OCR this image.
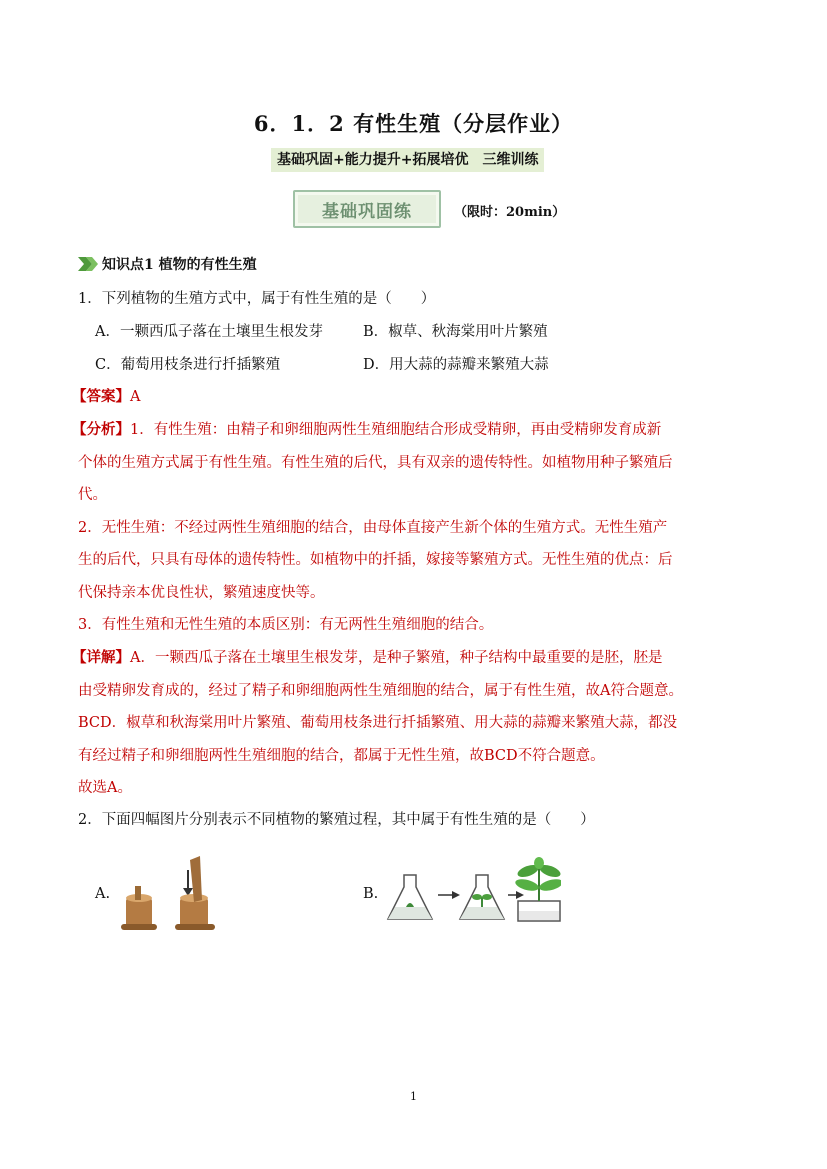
6．1．2 有性生殖（分层作业）
基础巩固+能力提升+拓展培优　三维训练
基础巩固练	（限时：20min）
知识点1 植物的有性生殖
1．下列植物的生殖方式中，属于有性生殖的是（　　）
A．一颗西瓜子落在土壤里生根发芽	B．椒草、秋海棠用叶片繁殖
C．葡萄用枝条进行扦插繁殖	D．用大蒜的蒜瓣来繁殖大蒜
【答案】A
【分析】1．有性生殖：由精子和卵细胞两性生殖细胞结合形成受精卵，再由受精卵发育成新
个体的生殖方式属于有性生殖。有性生殖的后代，具有双亲的遗传特性。如植物用种子繁殖后
代。
2．无性生殖：不经过两性生殖细胞的结合，由母体直接产生新个体的生殖方式。无性生殖产
生的后代，只具有母体的遗传特性。如植物中的扦插，嫁接等繁殖方式。无性生殖的优点：后
代保持亲本优良性状，繁殖速度快等。
3．有性生殖和无性生殖的本质区别：有无两性生殖细胞的结合。
【详解】A．一颗西瓜子落在土壤里生根发芽，是种子繁殖，种子结构中最重要的是胚，胚是
由受精卵发育成的，经过了精子和卵细胞两性生殖细胞的结合，属于有性生殖，故A符合题意。
BCD．椒草和秋海棠用叶片繁殖、葡萄用枝条进行扦插繁殖、用大蒜的蒜瓣来繁殖大蒜，都没
有经过精子和卵细胞两性生殖细胞的结合，都属于无性生殖，故BCD不符合题意。
故选A。
2．下面四幅图片分别表示不同植物的繁殖过程，其中属于有性生殖的是（　　）
A.	B.
1
